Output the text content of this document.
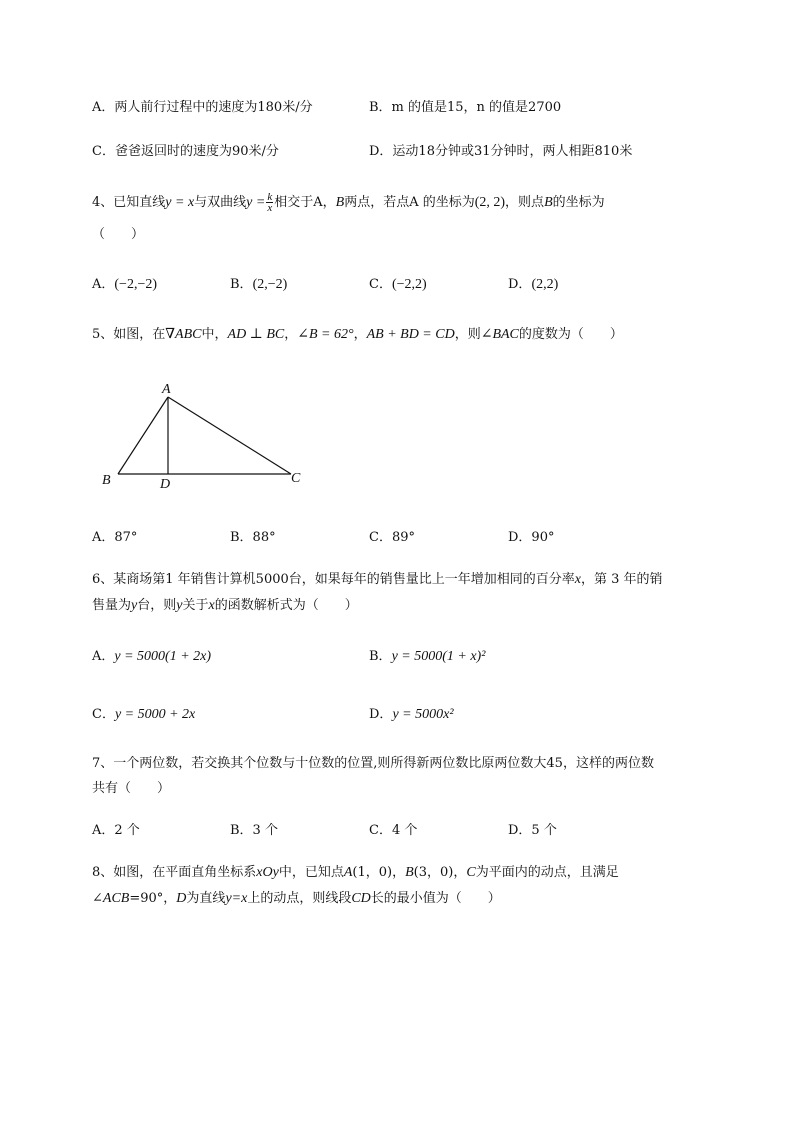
A．两人前行过程中的速度为180米/分	B．m 的值是15，n 的值是2700
C．爸爸返回时的速度为90米/分	D．运动18分钟或31分钟时，两人相距810米
4、已知直线y = x与双曲线$y = \frac{k}{x}$ 相交于A，B两点，若点A 的坐标为(2, 2)，则点B的坐标为
（　　）
A．(−2,−2)	B．(2,−2)	C．(−2,2)	D．(2,2)
5、如图，在∇ABC中，AD ⊥ BC，∠B = 62°，AB + BD = CD，则∠BAC的度数为（　　）
A
B	D	C
A．87°	B．88°	C．89°	D．90°
6、某商场第1 年销售计算机5000台，如果每年的销售量比上一年增加相同的百分率x，第 3 年的销
售量为y台，则y关于x的函数解析式为（　　）
A．y = 5000(1 + 2x)	B．y = 5000(1 + x)²
C．y = 5000 + 2x	D．y = 5000x²
7、一个两位数，若交换其个位数与十位数的位置,则所得新两位数比原两位数大45，这样的两位数
共有（　　）
A．2 个	B．3 个	C．4 个	D．5 个
8、如图，在平面直角坐标系xOy中，已知点A(1，0)，B(3，0)，C为平面内的动点，且满足
∠ACB=90°，D为直线y=x上的动点，则线段CD长的最小值为（　　）
